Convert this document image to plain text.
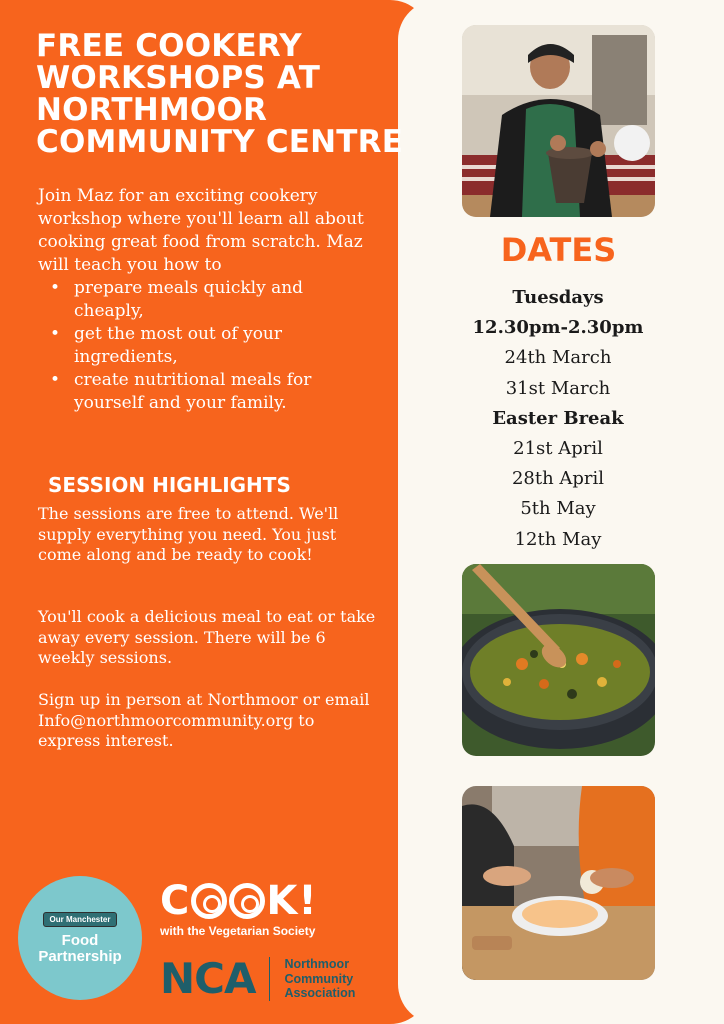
FREE COOKERY WORKSHOPS AT NORTHMOOR COMMUNITY CENTRE

Join Maz for an exciting cookery workshop where you'll learn all about cooking great food from scratch. Maz will teach you how to

• prepare meals quickly and cheaply,
• get the most out of your ingredients,
• create nutritional meals for yourself and your family.
SESSION HIGHLIGHTS

The sessions are free to attend. We'll supply everything you need. You just come along and be ready to cook!

You'll cook a delicious meal to eat or take away every session. There will be 6 weekly sessions.

Sign up in person at Northmoor or email Info@northmoorcommunity.org to express interest.

Our Manchester
Food
Partnership
C K!
with the Vegetarian Society
NCA Northmoor
Community
Association
DATES
Tuesdays
12.30pm-2.30pm
24th March
31st March
Easter Break
21st April
28th April
5th May
12th May
